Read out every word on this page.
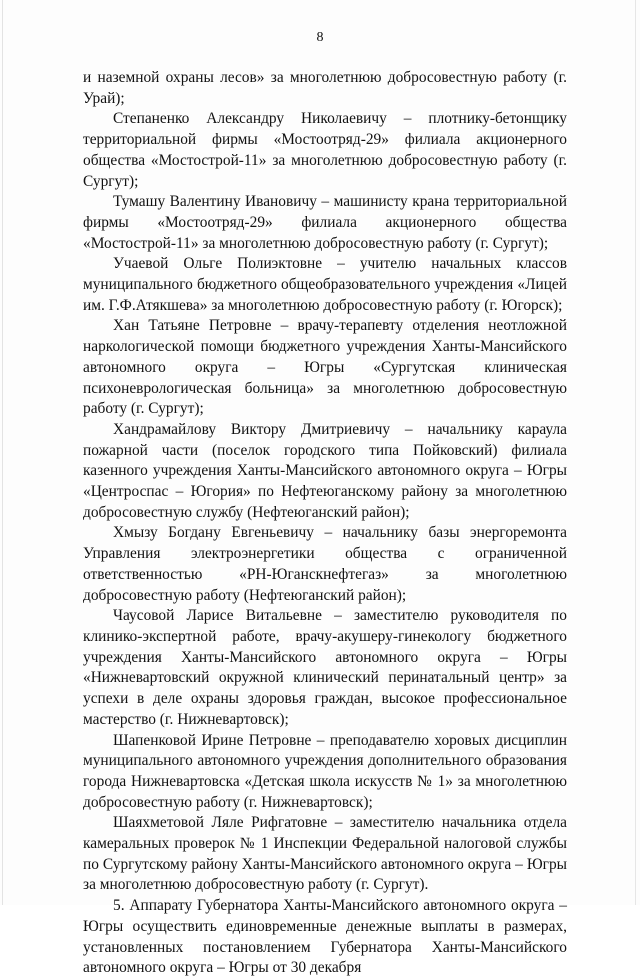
8

и наземной охраны лесов» за многолетнюю добросовестную работу (г. Урай);

Степаненко Александру Николаевичу – плотнику-бетонщику территориальной фирмы «Мостоотряд-29» филиала акционерного общества «Мостострой-11» за многолетнюю добросовестную работу (г. Сургут);

Тумашу Валентину Ивановичу – машинисту крана территориальной фирмы «Мостоотряд-29» филиала акционерного общества «Мостострой-11» за многолетнюю добросовестную работу (г. Сургут);

Учаевой Ольге Полиэктовне – учителю начальных классов муниципального бюджетного общеобразовательного учреждения «Лицей им. Г.Ф.Атякшева» за многолетнюю добросовестную работу (г. Югорск);

Хан Татьяне Петровне – врачу-терапевту отделения неотложной наркологической помощи бюджетного учреждения Ханты-Мансийского автономного округа – Югры «Сургутская клиническая психоневрологическая больница» за многолетнюю добросовестную работу (г. Сургут);

Хандрамайлову Виктору Дмитриевичу – начальнику караула пожарной части (поселок городского типа Пойковский) филиала казенного учреждения Ханты-Мансийского автономного округа – Югры «Центроспас – Югория» по Нефтеюганскому району за многолетнюю добросовестную службу (Нефтеюганский район);

Хмызу Богдану Евгеньевичу – начальнику базы энергоремонта Управления электроэнергетики общества с ограниченной ответственностью «РН-Юганскнефтегаз» за многолетнюю добросовестную работу (Нефтеюганский район);

Чаусовой Ларисе Витальевне – заместителю руководителя по клинико-экспертной работе, врачу-акушеру-гинекологу бюджетного учреждения Ханты-Мансийского автономного округа – Югры «Нижневартовский окружной клинический перинатальный центр» за успехи в деле охраны здоровья граждан, высокое профессиональное мастерство (г. Нижневартовск);

Шапенковой Ирине Петровне – преподавателю хоровых дисциплин муниципального автономного учреждения дополнительного образования города Нижневартовска «Детская школа искусств № 1» за многолетнюю добросовестную работу (г. Нижневартовск);

Шаяхметовой Ляле Рифгатовне – заместителю начальника отдела камеральных проверок № 1 Инспекции Федеральной налоговой службы по Сургутскому району Ханты-Мансийского автономного округа – Югры за многолетнюю добросовестную работу (г. Сургут).

5. Аппарату Губернатора Ханты-Мансийского автономного округа – Югры осуществить единовременные денежные выплаты в размерах, установленных постановлением Губернатора Ханты-Мансийского автономного округа – Югры от 30 декабря
